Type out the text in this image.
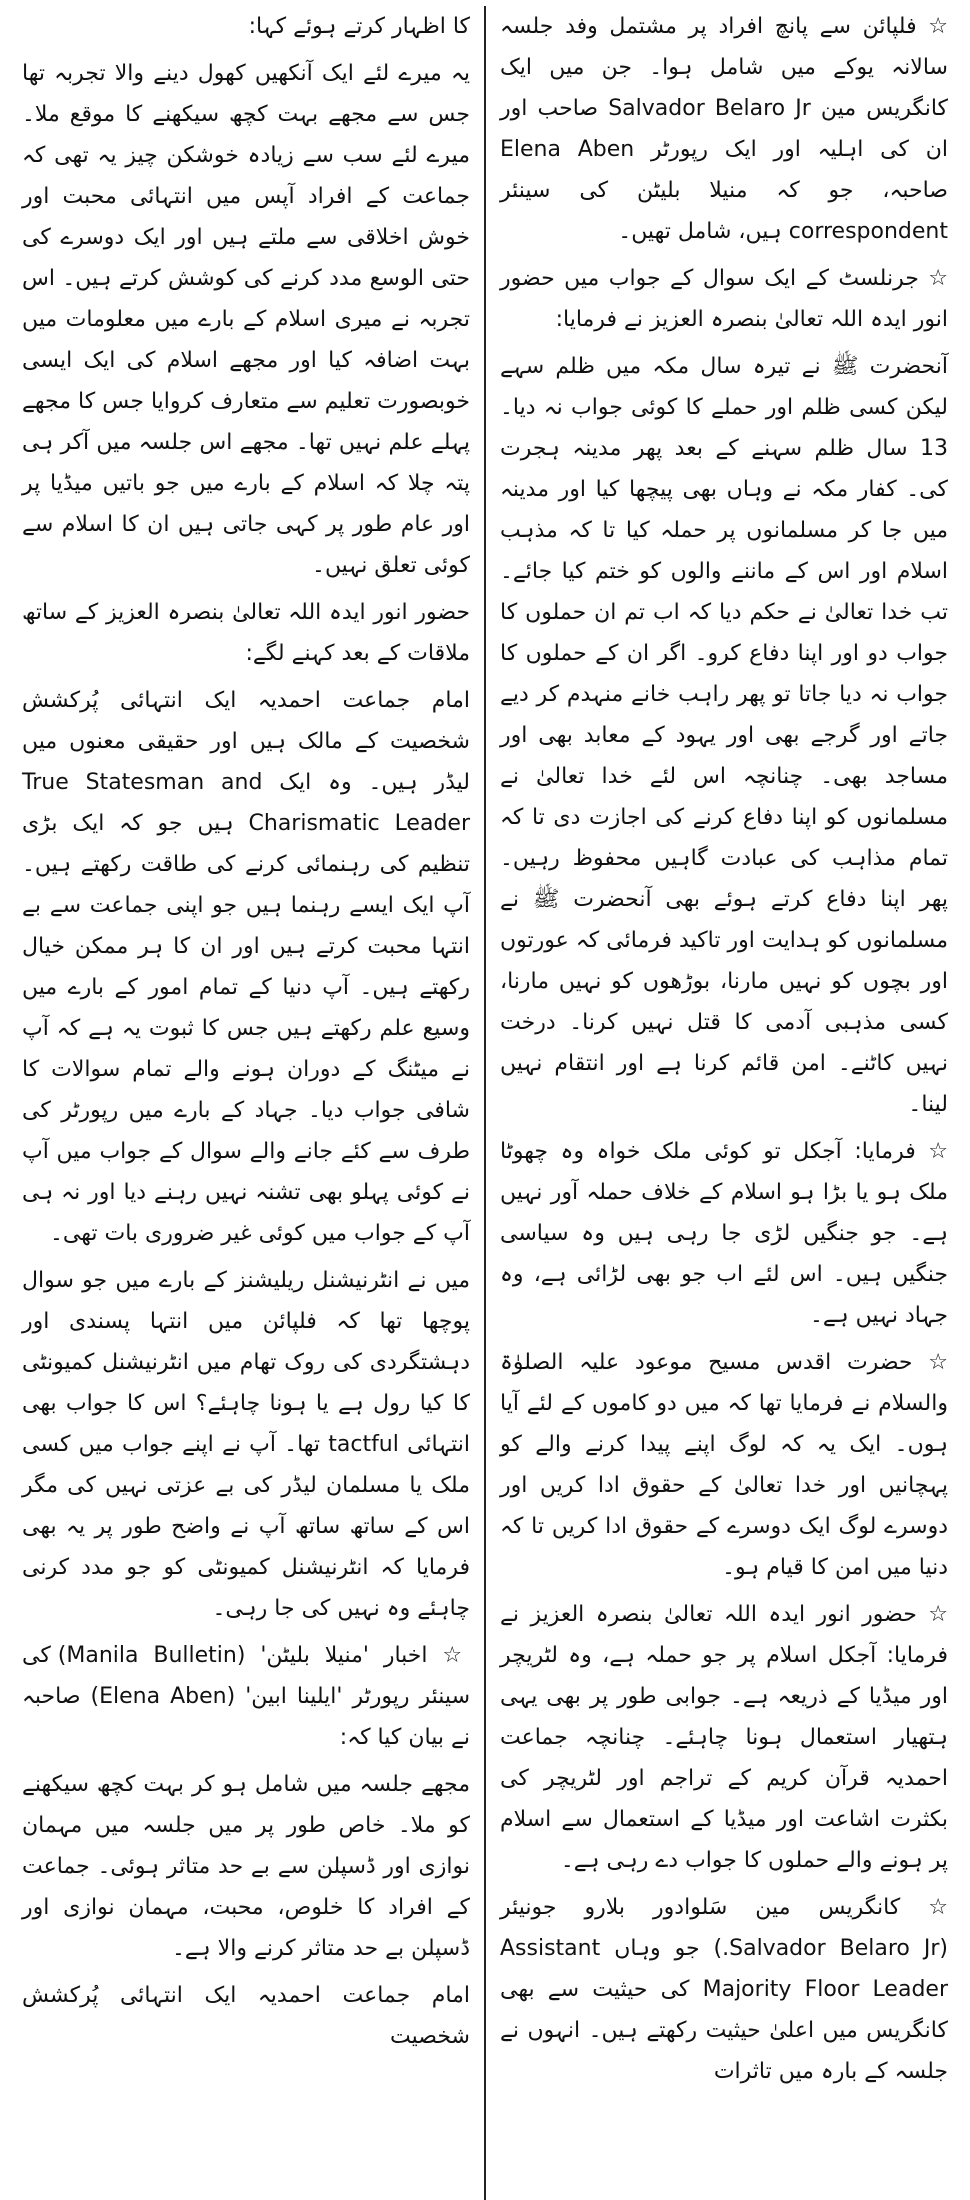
☆ فلپائن سے پانچ افراد پر مشتمل وفد جلسہ سالانہ یوکے میں شامل ہوا۔ جن میں ایک کانگریس مین Salvador Belaro Jr صاحب اور ان کی اہلیہ اور ایک رپورٹر Elena Aben صاحبہ، جو کہ منیلا بلیٹن کی سینئر correspondent ہیں، شامل تھیں۔

☆ جرنلسٹ کے ایک سوال کے جواب میں حضور انور ایدہ اللہ تعالیٰ بنصرہ العزیز نے فرمایا:

آنحضرت ﷺ نے تیرہ سال مکہ میں ظلم سہے لیکن کسی ظلم اور حملے کا کوئی جواب نہ دیا۔ 13 سال ظلم سہنے کے بعد پھر مدینہ ہجرت کی۔ کفار مکہ نے وہاں بھی پیچھا کیا اور مدینہ میں جا کر مسلمانوں پر حملہ کیا تا کہ مذہب اسلام اور اس کے ماننے والوں کو ختم کیا جائے۔ تب خدا تعالیٰ نے حکم دیا کہ اب تم ان حملوں کا جواب دو اور اپنا دفاع کرو۔ اگر ان کے حملوں کا جواب نہ دیا جاتا تو پھر راہب خانے منہدم کر دیے جاتے اور گرجے بھی اور یہود کے معابد بھی اور مساجد بھی۔ چنانچہ اس لئے خدا تعالیٰ نے مسلمانوں کو اپنا دفاع کرنے کی اجازت دی تا کہ تمام مذاہب کی عبادت گاہیں محفوظ رہیں۔ پھر اپنا دفاع کرتے ہوئے بھی آنحضرت ﷺ نے مسلمانوں کو ہدایت اور تاکید فرمائی کہ عورتوں اور بچوں کو نہیں مارنا، بوڑھوں کو نہیں مارنا، کسی مذہبی آدمی کا قتل نہیں کرنا۔ درخت نہیں کاٹنے۔ امن قائم کرنا ہے اور انتقام نہیں لینا۔

☆ فرمایا: آجکل تو کوئی ملک خواہ وہ چھوٹا ملک ہو یا بڑا ہو اسلام کے خلاف حملہ آور نہیں ہے۔ جو جنگیں لڑی جا رہی ہیں وہ سیاسی جنگیں ہیں۔ اس لئے اب جو بھی لڑائی ہے، وہ جہاد نہیں ہے۔

☆ حضرت اقدس مسیح موعود علیہ الصلوٰۃ والسلام نے فرمایا تھا کہ میں دو کاموں کے لئے آیا ہوں۔ ایک یہ کہ لوگ اپنے پیدا کرنے والے کو پہچانیں اور خدا تعالیٰ کے حقوق ادا کریں اور دوسرے لوگ ایک دوسرے کے حقوق ادا کریں تا کہ دنیا میں امن کا قیام ہو۔

☆ حضور انور ایدہ اللہ تعالیٰ بنصرہ العزیز نے فرمایا: آجکل اسلام پر جو حملہ ہے، وہ لٹریچر اور میڈیا کے ذریعہ ہے۔ جوابی طور پر بھی یہی ہتھیار استعمال ہونا چاہئے۔ چنانچہ جماعت احمدیہ قرآن کریم کے تراجم اور لٹریچر کی بکثرت اشاعت اور میڈیا کے استعمال سے اسلام پر ہونے والے حملوں کا جواب دے رہی ہے۔

☆ کانگریس مین سَلوادور بلارو جونیئر (Salvador Belaro Jr.) جو وہاں Assistant Majority Floor Leader کی حیثیت سے بھی کانگریس میں اعلیٰ حیثیت رکھتے ہیں۔ انہوں نے جلسہ کے بارہ میں تاثرات

کا اظہار کرتے ہوئے کہا:

یہ میرے لئے ایک آنکھیں کھول دینے والا تجربہ تھا جس سے مجھے بہت کچھ سیکھنے کا موقع ملا۔ میرے لئے سب سے زیادہ خوشکن چیز یہ تھی کہ جماعت کے افراد آپس میں انتہائی محبت اور خوش اخلاقی سے ملتے ہیں اور ایک دوسرے کی حتی الوسع مدد کرنے کی کوشش کرتے ہیں۔ اس تجربہ نے میری اسلام کے بارے میں معلومات میں بہت اضافہ کیا اور مجھے اسلام کی ایک ایسی خوبصورت تعلیم سے متعارف کروایا جس کا مجھے پہلے علم نہیں تھا۔ مجھے اس جلسہ میں آکر ہی پتہ چلا کہ اسلام کے بارے میں جو باتیں میڈیا پر اور عام طور پر کہی جاتی ہیں ان کا اسلام سے کوئی تعلق نہیں۔

حضور انور ایدہ اللہ تعالیٰ بنصرہ العزیز کے ساتھ ملاقات کے بعد کہنے لگے:

امام جماعت احمدیہ ایک انتہائی پُرکشش شخصیت کے مالک ہیں اور حقیقی معنوں میں لیڈر ہیں۔ وہ ایک True Statesman and Charismatic Leader ہیں جو کہ ایک بڑی تنظیم کی رہنمائی کرنے کی طاقت رکھتے ہیں۔ آپ ایک ایسے رہنما ہیں جو اپنی جماعت سے بے انتہا محبت کرتے ہیں اور ان کا ہر ممکن خیال رکھتے ہیں۔ آپ دنیا کے تمام امور کے بارے میں وسیع علم رکھتے ہیں جس کا ثبوت یہ ہے کہ آپ نے میٹنگ کے دوران ہونے والے تمام سوالات کا شافی جواب دیا۔ جہاد کے بارے میں رپورٹر کی طرف سے کئے جانے والے سوال کے جواب میں آپ نے کوئی پہلو بھی تشنہ نہیں رہنے دیا اور نہ ہی آپ کے جواب میں کوئی غیر ضروری بات تھی۔

میں نے انٹرنیشنل ریلیشنز کے بارے میں جو سوال پوچھا تھا کہ فلپائن میں انتہا پسندی اور دہشتگردی کی روک تھام میں انٹرنیشنل کمیونٹی کا کیا رول ہے یا ہونا چاہئے؟ اس کا جواب بھی انتہائی tactful تھا۔ آپ نے اپنے جواب میں کسی ملک یا مسلمان لیڈر کی بے عزتی نہیں کی مگر اس کے ساتھ ساتھ آپ نے واضح طور پر یہ بھی فرمایا کہ انٹرنیشنل کمیونٹی کو جو مدد کرنی چاہئے وہ نہیں کی جا رہی۔

☆ اخبار 'منیلا بلیٹن' (Manila Bulletin) کی سینئر رپورٹر 'ایلینا ابین' (Elena Aben) صاحبہ نے بیان کیا کہ:

مجھے جلسہ میں شامل ہو کر بہت کچھ سیکھنے کو ملا۔ خاص طور پر میں جلسہ میں مہمان نوازی اور ڈسپلن سے بے حد متاثر ہوئی۔ جماعت کے افراد کا خلوص، محبت، مہمان نوازی اور ڈسپلن بے حد متاثر کرنے والا ہے۔

امام جماعت احمدیہ ایک انتہائی پُرکشش شخصیت
